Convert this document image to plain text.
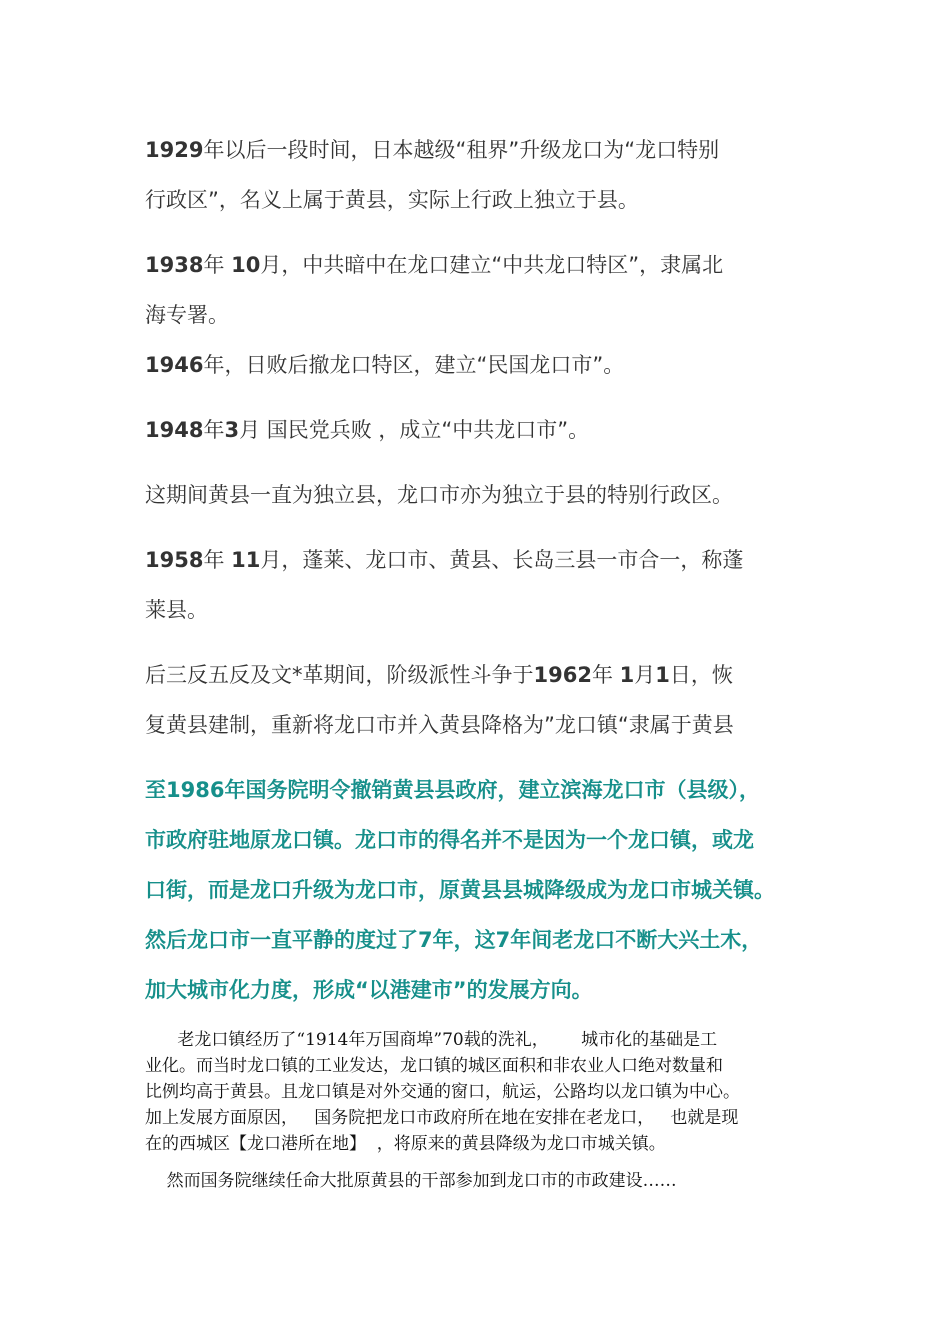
1929年以后一段时间，日本越级“租界”升级龙口为“龙口特别
行政区”，名义上属于黄县，实际上行政上独立于县。
1938年 10月，中共暗中在龙口建立“中共龙口特区”，隶属北
海专署。
1946年，日败后撤龙口特区，建立“民国龙口市”。
1948年3月 国民党兵败 ，成立“中共龙口市”。
这期间黄县一直为独立县，龙口市亦为独立于县的特别行政区。
1958年 11月，蓬莱、龙口市、黄县、长岛三县一市合一，称蓬
莱县。
后三反五反及文*革期间，阶级派性斗争于1962年 1月1日，恢
复黄县建制，重新将龙口市并入黄县降格为”龙口镇“隶属于黄县
至1986年国务院明令撤销黄县县政府，建立滨海龙口市（县级），
市政府驻地原龙口镇。龙口市的得名并不是因为一个龙口镇，或龙
口街，而是龙口升级为龙口市，原黄县县城降级成为龙口市城关镇。
然后龙口市一直平静的度过了7年，这7年间老龙口不断大兴土木，
加大城市化力度，形成“以港建市”的发展方向。
老龙口镇经历了“1914年万国商埠”70载的洗礼，      城市化的基础是工
业化。而当时龙口镇的工业发达，龙口镇的城区面积和非农业人口绝对数量和
比例均高于黄县。且龙口镇是对外交通的窗口，航运，公路均以龙口镇为中心。
加上发展方面原因，   国务院把龙口市政府所在地在安排在老龙口，   也就是现
在的西城区【龙口港所在地】  ，将原来的黄县降级为龙口市城关镇。
然而国务院继续任命大批原黄县的干部参加到龙口市的市政建设……
